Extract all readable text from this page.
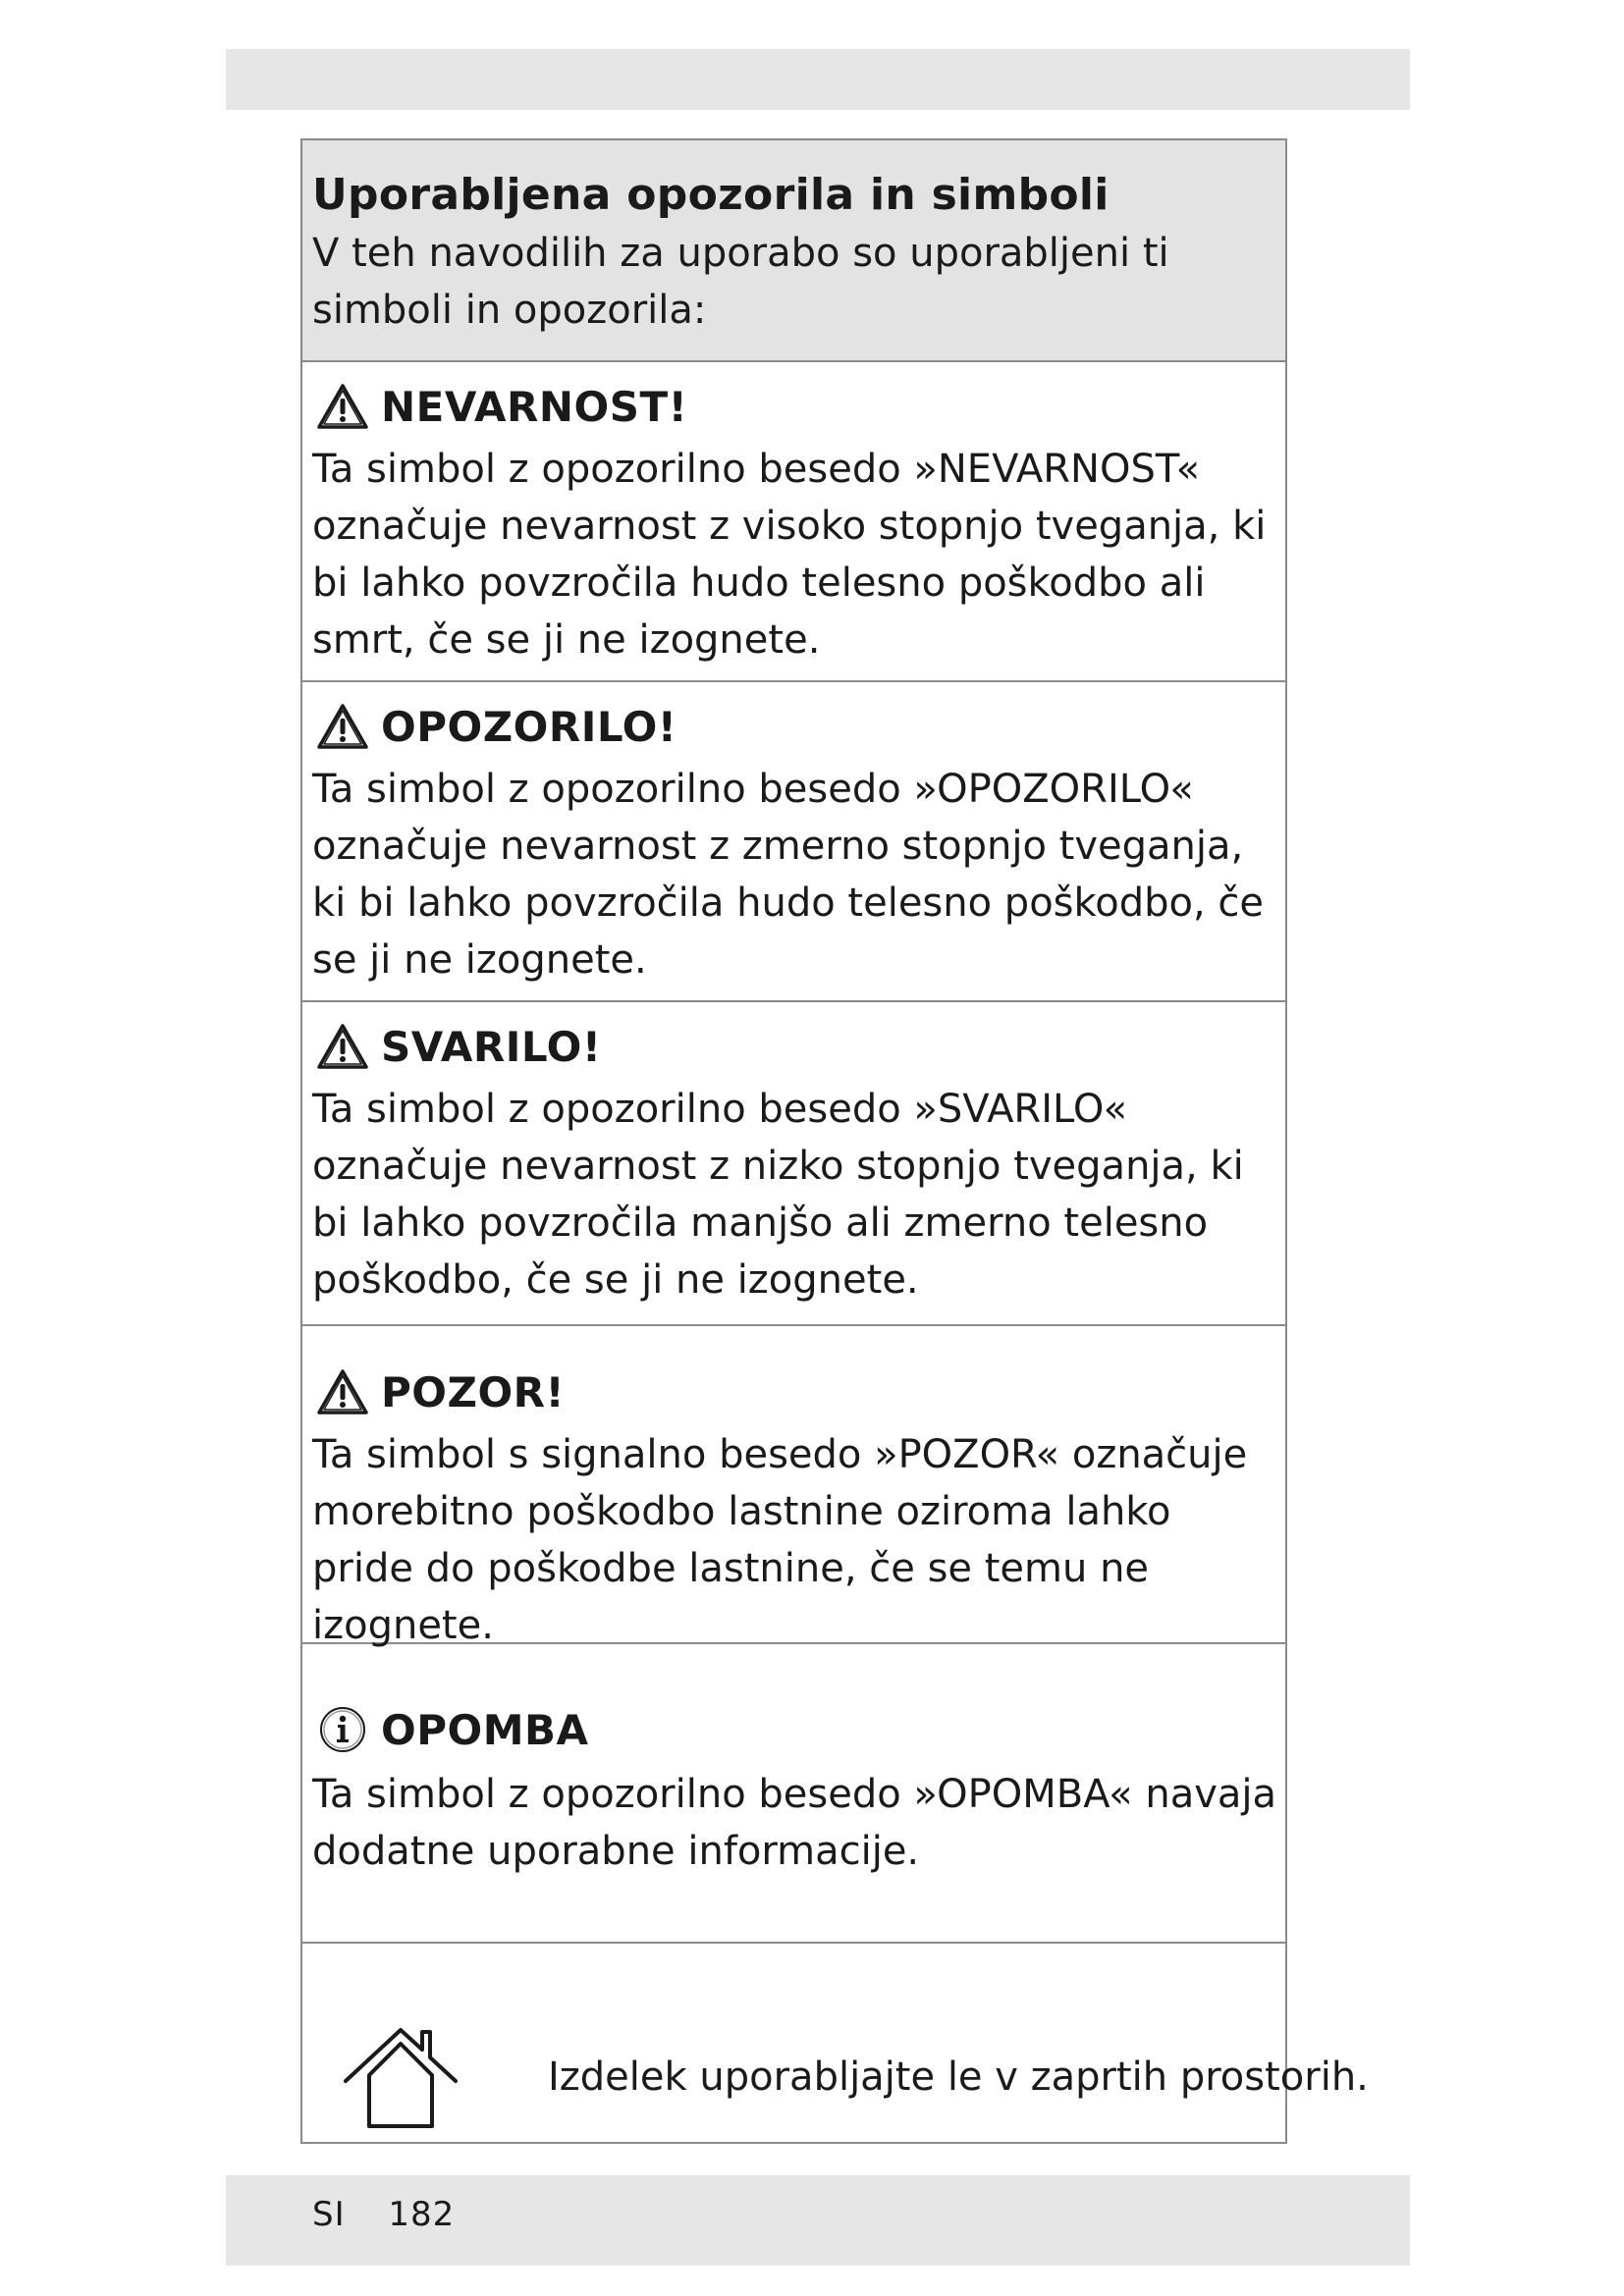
Uporabljena opozorila in simboli
V teh navodilih za uporabo so uporabljeni ti simboli in opozorila:
NEVARNOST!
Ta simbol z opozorilno besedo »NEVARNOST« označuje nevarnost z visoko stopnjo tveganja, ki bi lahko povzročila hudo telesno poškodbo ali smrt, če se ji ne izognete.
OPOZORILO!
Ta simbol z opozorilno besedo »OPOZORILO« označuje nevarnost z zmerno stopnjo tveganja, ki bi lahko povzročila hudo telesno poškodbo, če se ji ne izognete.
SVARILO!
Ta simbol z opozorilno besedo »SVARILO« označuje nevarnost z nizko stopnjo tveganja, ki bi lahko povzročila manjšo ali zmerno telesno poškodbo, če se ji ne izognete.
POZOR!
Ta simbol s signalno besedo »POZOR« označuje morebitno poškodbo lastnine oziroma lahko pride do poškodbe lastnine, če se temu ne izognete.
OPOMBA
Ta simbol z opozorilno besedo »OPOMBA« navaja dodatne uporabne informacije.
Izdelek uporabljajte le v zaprtih prostorih.
SI 182
